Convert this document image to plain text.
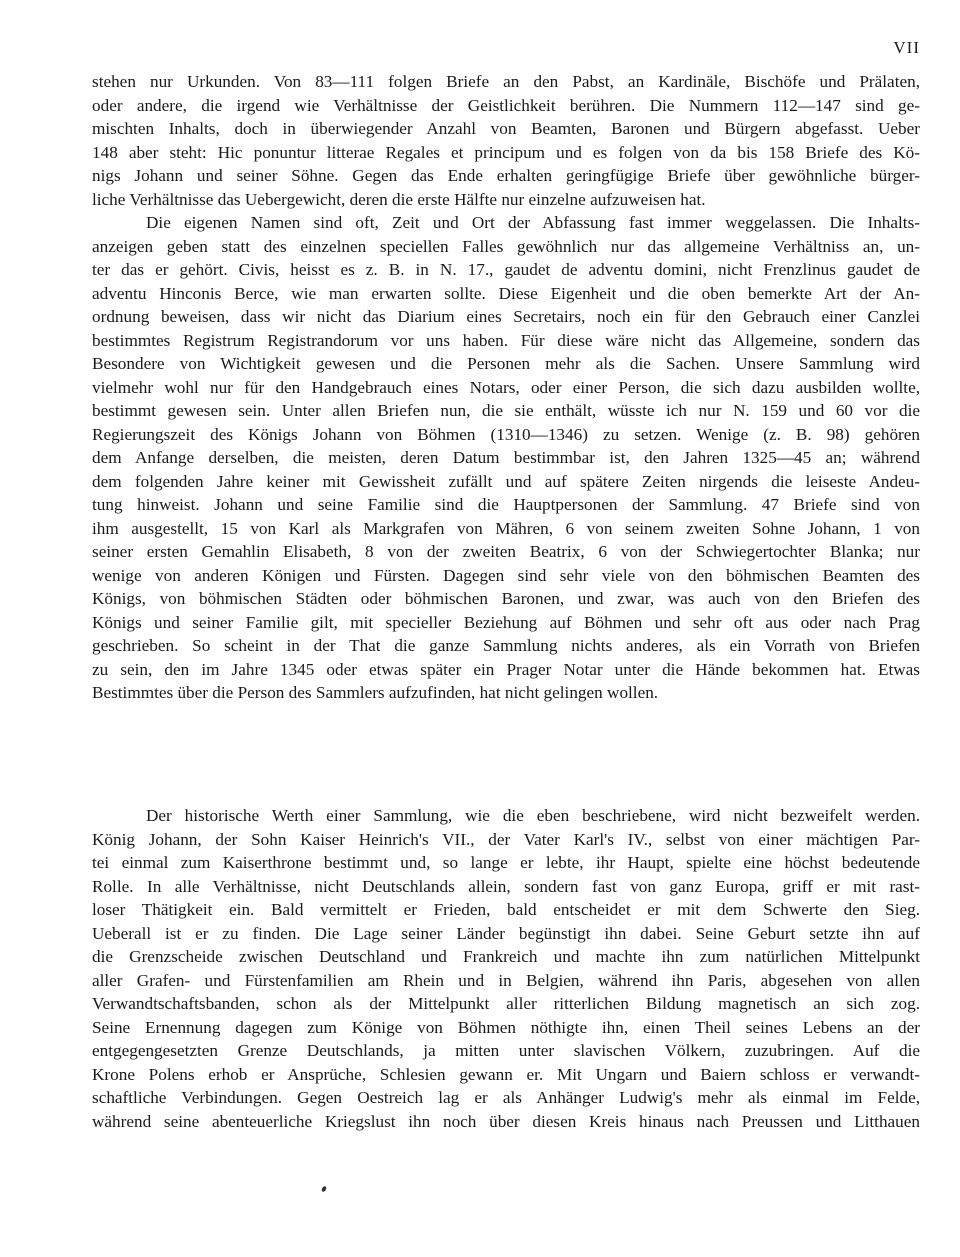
VII
stehen nur Urkunden. Von 83—111 folgen Briefe an den Pabst, an Kardinäle, Bischöfe und Prälaten,
oder andere, die irgend wie Verhältnisse der Geistlichkeit berühren. Die Nummern 112—147 sind ge-
mischten Inhalts, doch in überwiegender Anzahl von Beamten, Baronen und Bürgern abgefasst. Ueber
148 aber steht: Hic ponuntur litterae Regales et principum und es folgen von da bis 158 Briefe des Kö-
nigs Johann und seiner Söhne. Gegen das Ende erhalten geringfügige Briefe über gewöhnliche bürger-
liche Verhältnisse das Uebergewicht, deren die erste Hälfte nur einzelne aufzuweisen hat.
Die eigenen Namen sind oft, Zeit und Ort der Abfassung fast immer weggelassen. Die Inhalts-
anzeigen geben statt des einzelnen speciellen Falles gewöhnlich nur das allgemeine Verhältniss an, un-
ter das er gehört. Civis, heisst es z. B. in N. 17., gaudet de adventu domini, nicht Frenzlinus gaudet de
adventu Hinconis Berce, wie man erwarten sollte. Diese Eigenheit und die oben bemerkte Art der An-
ordnung beweisen, dass wir nicht das Diarium eines Secretairs, noch ein für den Gebrauch einer Canzlei
bestimmtes Registrum Registrandorum vor uns haben. Für diese wäre nicht das Allgemeine, sondern das
Besondere von Wichtigkeit gewesen und die Personen mehr als die Sachen. Unsere Sammlung wird
vielmehr wohl nur für den Handgebrauch eines Notars, oder einer Person, die sich dazu ausbilden wollte,
bestimmt gewesen sein. Unter allen Briefen nun, die sie enthält, wüsste ich nur N. 159 und 60 vor die
Regierungszeit des Königs Johann von Böhmen (1310—1346) zu setzen. Wenige (z. B. 98) gehören
dem Anfange derselben, die meisten, deren Datum bestimmbar ist, den Jahren 1325—45 an; während
dem folgenden Jahre keiner mit Gewissheit zufällt und auf spätere Zeiten nirgends die leiseste Andeu-
tung hinweist. Johann und seine Familie sind die Hauptpersonen der Sammlung. 47 Briefe sind von
ihm ausgestellt, 15 von Karl als Markgrafen von Mähren, 6 von seinem zweiten Sohne Johann, 1 von
seiner ersten Gemahlin Elisabeth, 8 von der zweiten Beatrix, 6 von der Schwiegertochter Blanka; nur
wenige von anderen Königen und Fürsten. Dagegen sind sehr viele von den böhmischen Beamten des
Königs, von böhmischen Städten oder böhmischen Baronen, und zwar, was auch von den Briefen des
Königs und seiner Familie gilt, mit specieller Beziehung auf Böhmen und sehr oft aus oder nach Prag
geschrieben. So scheint in der That die ganze Sammlung nichts anderes, als ein Vorrath von Briefen
zu sein, den im Jahre 1345 oder etwas später ein Prager Notar unter die Hände bekommen hat. Etwas
Bestimmtes über die Person des Sammlers aufzufinden, hat nicht gelingen wollen.
Der historische Werth einer Sammlung, wie die eben beschriebene, wird nicht bezweifelt werden.
König Johann, der Sohn Kaiser Heinrich's VII., der Vater Karl's IV., selbst von einer mächtigen Par-
tei einmal zum Kaiserthrone bestimmt und, so lange er lebte, ihr Haupt, spielte eine höchst bedeutende
Rolle. In alle Verhältnisse, nicht Deutschlands allein, sondern fast von ganz Europa, griff er mit rast-
loser Thätigkeit ein. Bald vermittelt er Frieden, bald entscheidet er mit dem Schwerte den Sieg.
Ueberall ist er zu finden. Die Lage seiner Länder begünstigt ihn dabei. Seine Geburt setzte ihn auf
die Grenzscheide zwischen Deutschland und Frankreich und machte ihn zum natürlichen Mittelpunkt
aller Grafen- und Fürstenfamilien am Rhein und in Belgien, während ihn Paris, abgesehen von allen
Verwandtschaftsbanden, schon als der Mittelpunkt aller ritterlichen Bildung magnetisch an sich zog.
Seine Ernennung dagegen zum Könige von Böhmen nöthigte ihn, einen Theil seines Lebens an der
entgegengesetzten Grenze Deutschlands, ja mitten unter slavischen Völkern, zuzubringen. Auf die
Krone Polens erhob er Ansprüche, Schlesien gewann er. Mit Ungarn und Baiern schloss er verwandt-
schaftliche Verbindungen. Gegen Oestreich lag er als Anhänger Ludwig's mehr als einmal im Felde,
während seine abenteuerliche Kriegslust ihn noch über diesen Kreis hinaus nach Preussen und Litthauen
